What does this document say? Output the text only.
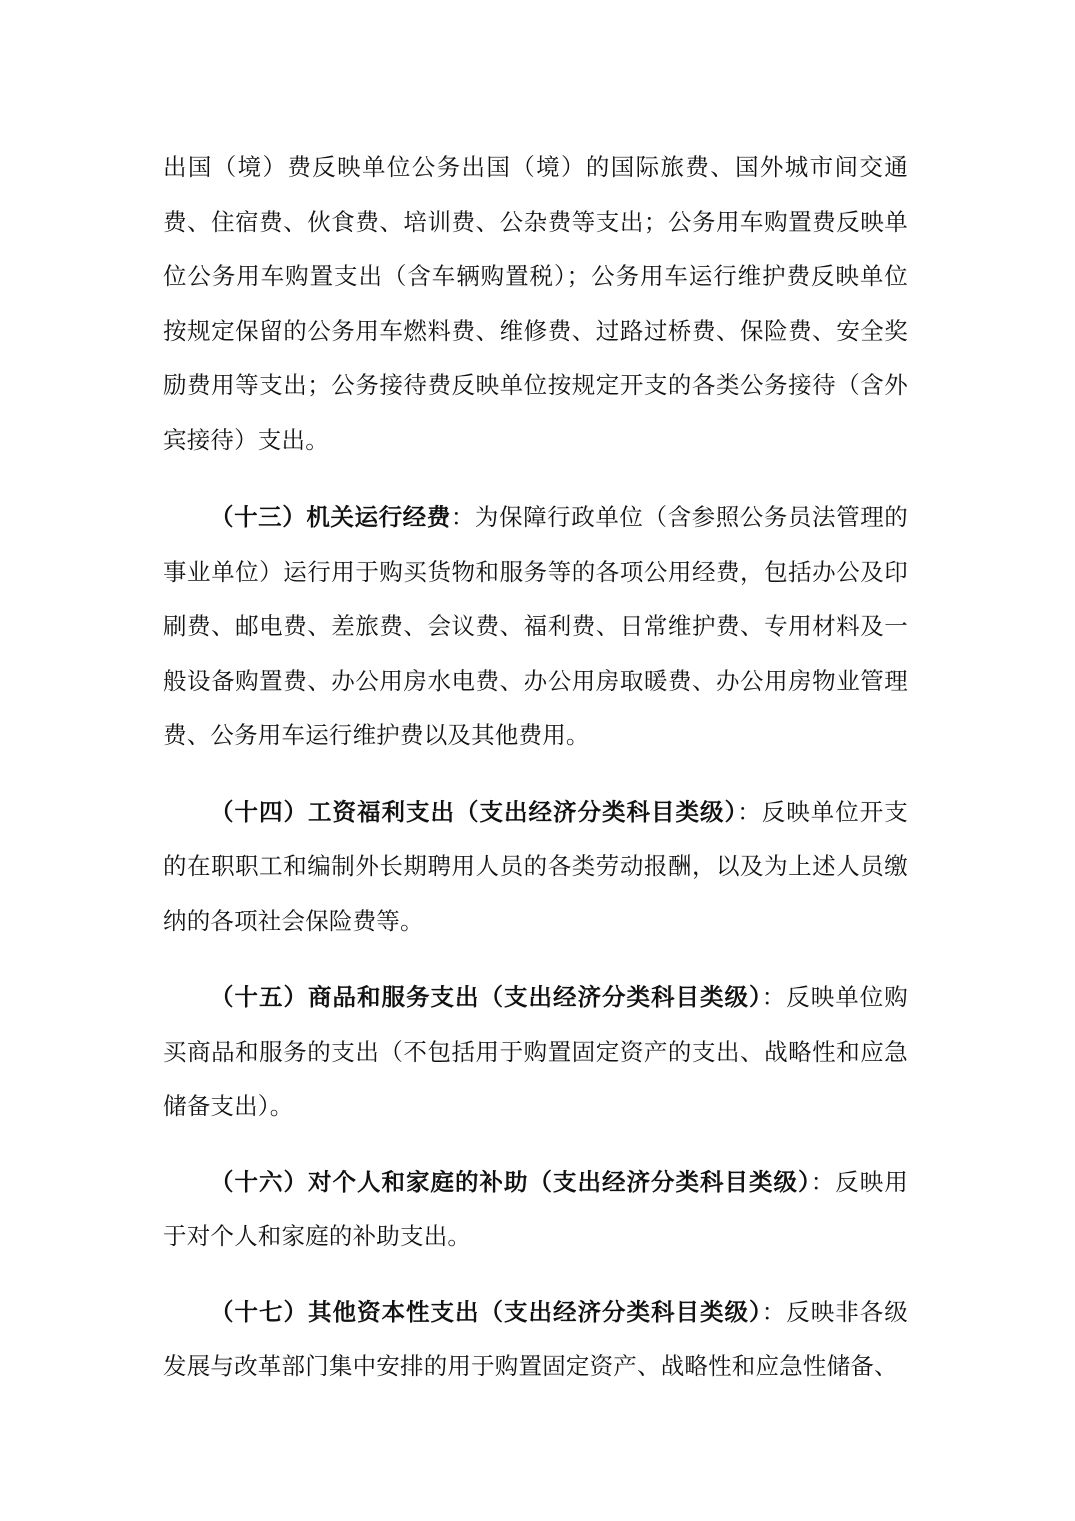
出国（境）费反映单位公务出国（境）的国际旅费、国外城市间交通费、住宿费、伙食费、培训费、公杂费等支出；公务用车购置费反映单位公务用车购置支出（含车辆购置税）；公务用车运行维护费反映单位按规定保留的公务用车燃料费、维修费、过路过桥费、保险费、安全奖励费用等支出；公务接待费反映单位按规定开支的各类公务接待（含外宾接待）支出。

（十三）机关运行经费：为保障行政单位（含参照公务员法管理的事业单位）运行用于购买货物和服务等的各项公用经费，包括办公及印刷费、邮电费、差旅费、会议费、福利费、日常维护费、专用材料及一般设备购置费、办公用房水电费、办公用房取暖费、办公用房物业管理费、公务用车运行维护费以及其他费用。

（十四）工资福利支出（支出经济分类科目类级）：反映单位开支的在职职工和编制外长期聘用人员的各类劳动报酬，以及为上述人员缴纳的各项社会保险费等。

（十五）商品和服务支出（支出经济分类科目类级）：反映单位购买商品和服务的支出（不包括用于购置固定资产的支出、战略性和应急储备支出）。

（十六）对个人和家庭的补助（支出经济分类科目类级）：反映用于对个人和家庭的补助支出。

（十七）其他资本性支出（支出经济分类科目类级）：反映非各级发展与改革部门集中安排的用于购置固定资产、战略性和应急性储备、
